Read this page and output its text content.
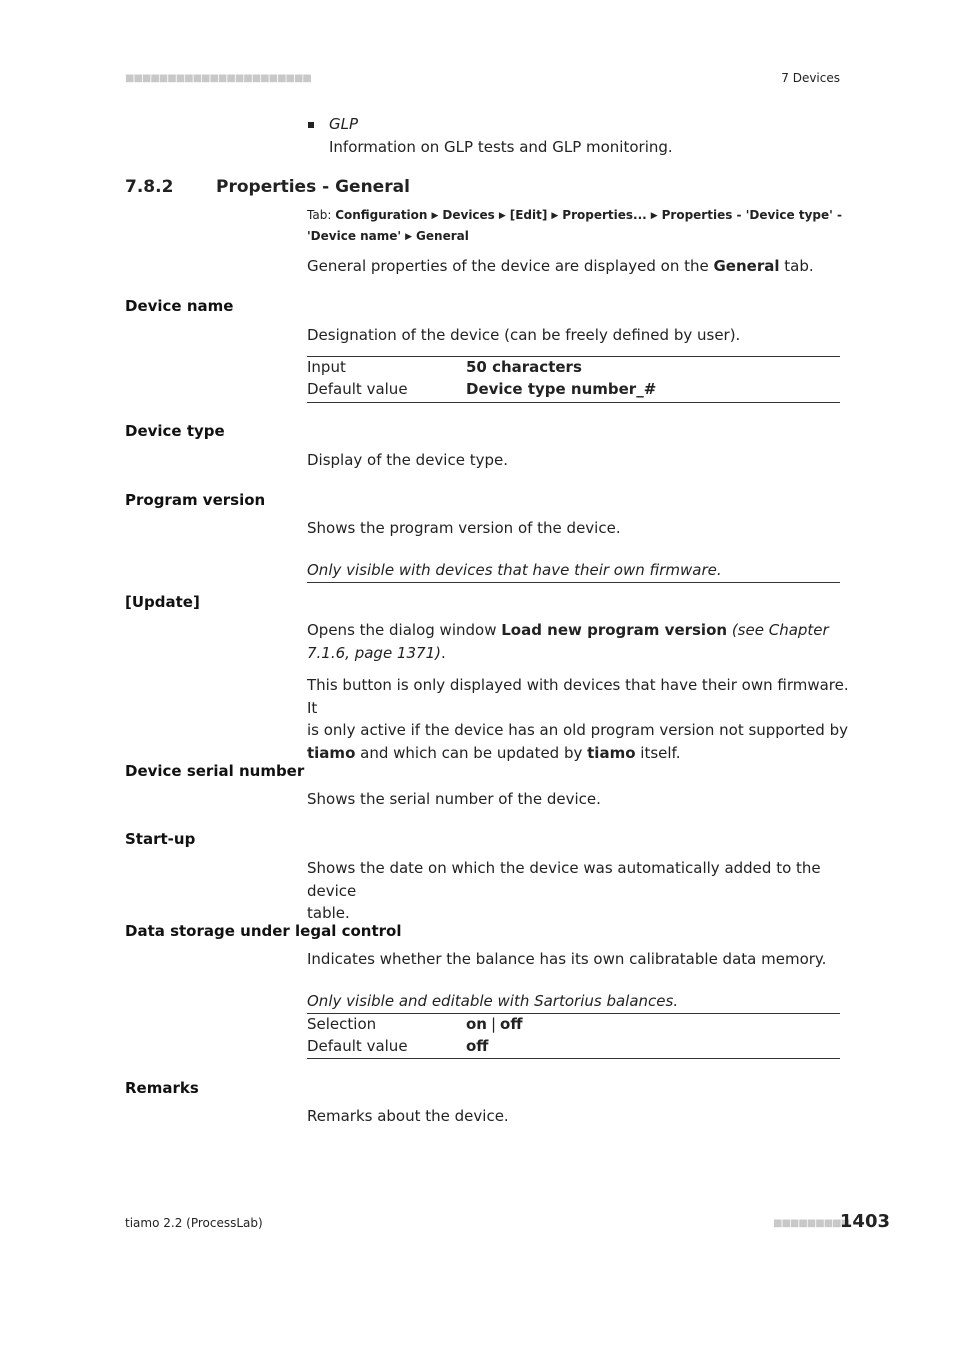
■■■■■■■■■■■■■■■■■■■■■■	7 Devices
GLP
Information on GLP tests and GLP monitoring.
7.8.2	Properties - General
Tab: Configuration ▶ Devices ▶ [Edit] ▶ Properties... ▶ Properties - 'Device type' -
'Device name' ▶ General
General properties of the device are displayed on the General tab.
Device name
Designation of the device (can be freely defined by user).
Input	50 characters
Default value	Device type number_#
Device type
Display of the device type.
Program version
Shows the program version of the device.
Only visible with devices that have their own firmware.
[Update]
Opens the dialog window Load new program version (see Chapter
7.1.6, page 1371).
This button is only displayed with devices that have their own firmware. It
is only active if the device has an old program version not supported by
tiamo and which can be updated by tiamo itself.
Device serial number
Shows the serial number of the device.
Start-up
Shows the date on which the device was automatically added to the device
table.
Data storage under legal control
Indicates whether the balance has its own calibratable data memory.
Only visible and editable with Sartorius balances.
Selection	on | off
Default value	off
Remarks
Remarks about the device.
tiamo 2.2 (ProcessLab)	■■■■■■■■■
1403
